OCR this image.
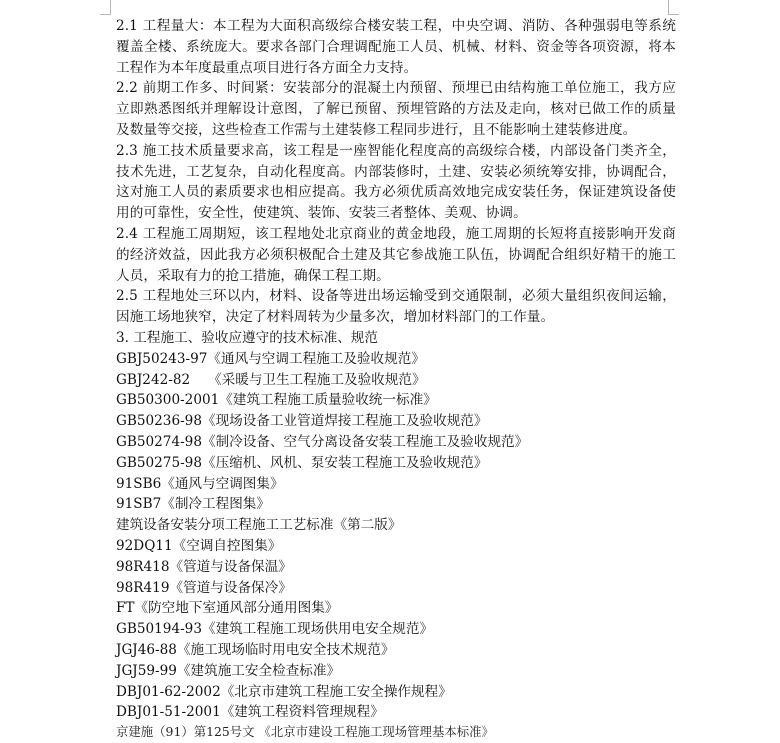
2.1 工程量大：本工程为大面积高级综合楼安装工程，中央空调、消防、各种强弱电等系统覆盖全楼、系统庞大。要求各部门合理调配施工人员、机械、材料、资金等各项资源，将本工程作为本年度最重点项目进行各方面全力支持。

2.2 前期工作多、时间紧：安装部分的混凝土内预留、预埋已由结构施工单位施工，我方应立即熟悉图纸并理解设计意图，了解已预留、预埋管路的方法及走向，核对已做工作的质量及数量等交接，这些检查工作需与土建装修工程同步进行，且不能影响土建装修进度。

2.3 施工技术质量要求高，该工程是一座智能化程度高的高级综合楼，内部设备门类齐全，技术先进，工艺复杂，自动化程度高。内部装修时，土建、安装必须统筹安排，协调配合，这对施工人员的素质要求也相应提高。我方必须优质高效地完成安装任务，保证建筑设备使用的可靠性，安全性，使建筑、装饰、安装三者整体、美观、协调。

2.4 工程施工周期短，该工程地处北京商业的黄金地段，施工周期的长短将直接影响开发商的经济效益，因此我方必须积极配合土建及其它参战施工队伍，协调配合组织好精干的施工人员，采取有力的抢工措施，确保工程工期。

2.5 工程地处三环以内，材料、设备等进出场运输受到交通限制，必须大量组织夜间运输，因施工场地狭窄，决定了材料周转为少量多次，增加材料部门的工作量。

3. 工程施工、验收应遵守的技术标准、规范

GBJ50243-97《通风与空调工程施工及验收规范》

GBJ242-82　 《采暖与卫生工程施工及验收规范》

GB50300-2001《建筑工程施工质量验收统一标准》

GB50236-98《现场设备工业管道焊接工程施工及验收规范》

GB50274-98《制冷设备、空气分离设备安装工程施工及验收规范》

GB50275-98《压缩机、风机、泵安装工程施工及验收规范》

91SB6《通风与空调图集》

91SB7《制冷工程图集》

建筑设备安装分项工程施工工艺标准《第二版》

92DQ11《空调自控图集》

98R418《管道与设备保温》

98R419《管道与设备保冷》

FT《防空地下室通风部分通用图集》

GB50194-93《建筑工程施工现场供用电安全规范》

JGJ46-88《施工现场临时用电安全技术规范》

JGJ59-99《建筑施工安全检查标准》

DBJ01-62-2002《北京市建筑工程施工安全操作规程》

DBJ01-51-2001《建筑工程资料管理规程》

京建施（91）第125号文 《北京市建设工程施工现场管理基本标准》
